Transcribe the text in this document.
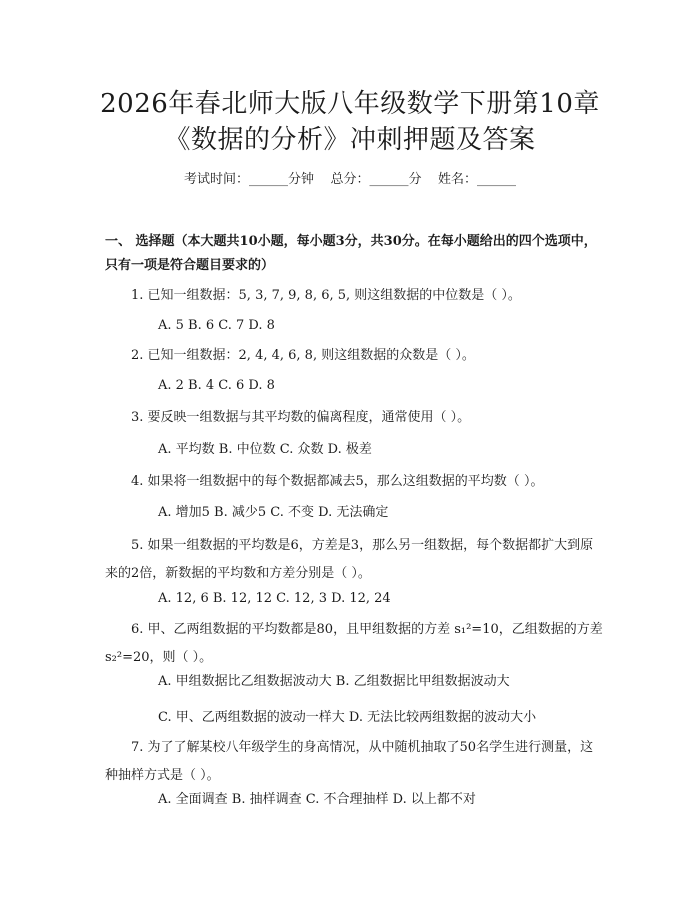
2026年春北师大版八年级数学下册第10章
《数据的分析》冲刺押题及答案
考试时间：______分钟    总分：______分    姓名：______
一、 选择题（本大题共10小题，每小题3分，共30分。在每小题给出的四个选项中，只有一项是符合题目要求的）
1. 已知一组数据：5, 3, 7, 9, 8, 6, 5, 则这组数据的中位数是（ ）。
A. 5 B. 6 C. 7 D. 8
2. 已知一组数据：2, 4, 4, 6, 8, 则这组数据的众数是（ ）。
A. 2 B. 4 C. 6 D. 8
3. 要反映一组数据与其平均数的偏离程度，通常使用（ ）。
A. 平均数 B. 中位数 C. 众数 D. 极差
4. 如果将一组数据中的每个数据都减去5，那么这组数据的平均数（ ）。
A. 增加5 B. 减少5 C. 不变 D. 无法确定
5. 如果一组数据的平均数是6，方差是3，那么另一组数据，每个数据都扩大到原来的2倍，新数据的平均数和方差分别是（ ）。
A. 12, 6 B. 12, 12 C. 12, 3 D. 12, 24
6. 甲、乙两组数据的平均数都是80，且甲组数据的方差 s₁²=10，乙组数据的方差 s₂²=20，则（ ）。
A. 甲组数据比乙组数据波动大 B. 乙组数据比甲组数据波动大
C. 甲、乙两组数据的波动一样大 D. 无法比较两组数据的波动大小
7. 为了了解某校八年级学生的身高情况，从中随机抽取了50名学生进行测量，这种抽样方式是（ ）。
A. 全面调查 B. 抽样调查 C. 不合理抽样 D. 以上都不对
